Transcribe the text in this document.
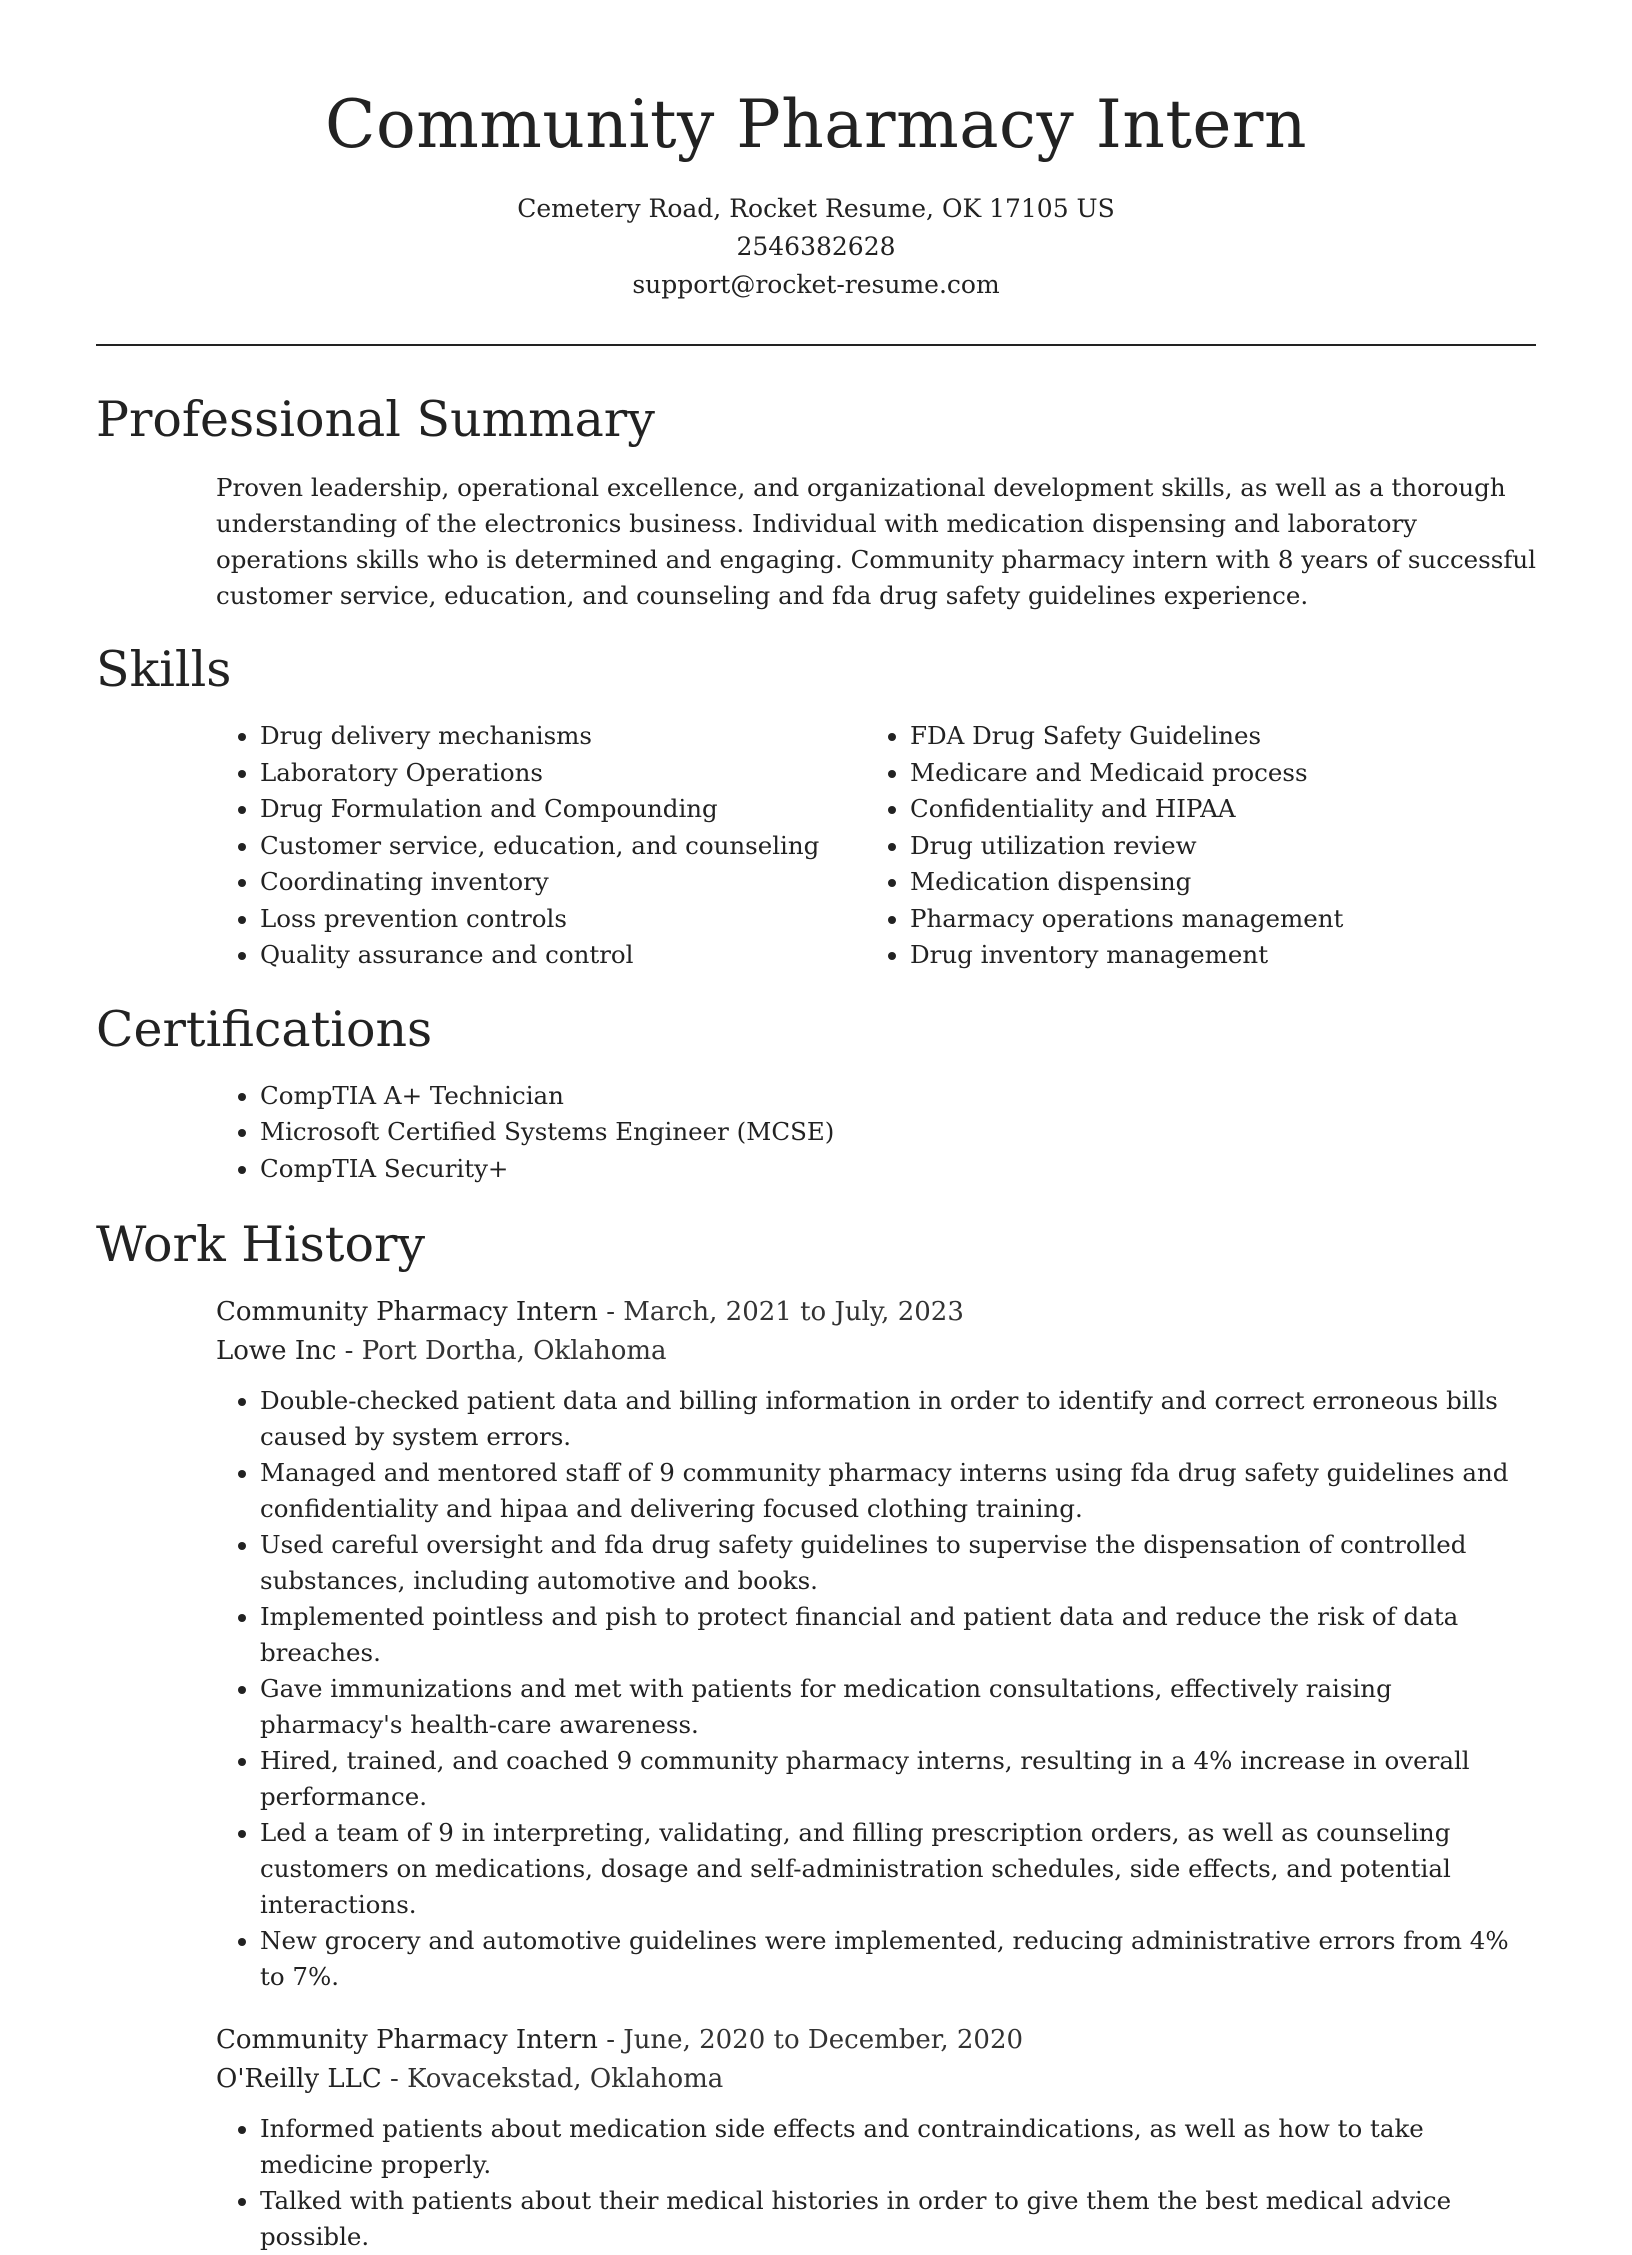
Community Pharmacy Intern
Cemetery Road, Rocket Resume, OK 17105 US
2546382628
support@rocket-resume.com
Professional Summary

Proven leadership, operational excellence, and organizational development skills, as well as a thorough understanding of the electronics business. Individual with medication dispensing and laboratory operations skills who is determined and engaging. Community pharmacy intern with 8 years of successful customer service, education, and counseling and fda drug safety guidelines experience.

Skills
• Drug delivery mechanisms
• Laboratory Operations
• Drug Formulation and Compounding
• Customer service, education, and counseling
• Coordinating inventory
• Loss prevention controls
• Quality assurance and control
• FDA Drug Safety Guidelines
• Medicare and Medicaid process
• Confidentiality and HIPAA
• Drug utilization review
• Medication dispensing
• Pharmacy operations management
• Drug inventory management
Certifications
• CompTIA A+ Technician
• Microsoft Certified Systems Engineer (MCSE)
• CompTIA Security+
Work History
Community Pharmacy Intern - March, 2021 to July, 2023
Lowe Inc - Port Dortha, Oklahoma
• Double-checked patient data and billing information in order to identify and correct erroneous bills caused by system errors.
• Managed and mentored staff of 9 community pharmacy interns using fda drug safety guidelines and confidentiality and hipaa and delivering focused clothing training.
• Used careful oversight and fda drug safety guidelines to supervise the dispensation of controlled substances, including automotive and books.
• Implemented pointless and pish to protect financial and patient data and reduce the risk of data breaches.
• Gave immunizations and met with patients for medication consultations, effectively raising pharmacy's health-care awareness.
• Hired, trained, and coached 9 community pharmacy interns, resulting in a 4% increase in overall performance.
• Led a team of 9 in interpreting, validating, and filling prescription orders, as well as counseling customers on medications, dosage and self-administration schedules, side effects, and potential interactions.
• New grocery and automotive guidelines were implemented, reducing administrative errors from 4% to 7%.
Community Pharmacy Intern - June, 2020 to December, 2020
O'Reilly LLC - Kovacekstad, Oklahoma
• Informed patients about medication side effects and contraindications, as well as how to take medicine properly.
• Talked with patients about their medical histories in order to give them the best medical advice possible.
